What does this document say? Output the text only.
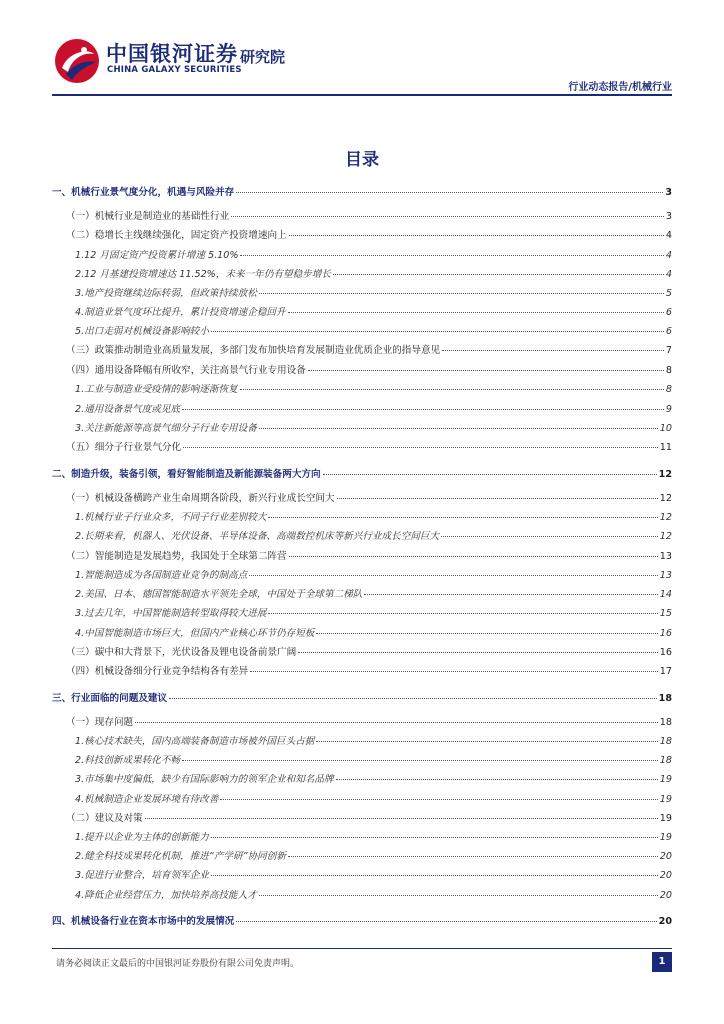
中国银河证券
CHINA GALAXY SECURITIES
研究院
行业动态报告/机械行业
目录
一、机械行业景气度分化，机遇与风险并存	3
（一）机械行业是制造业的基础性行业	3
（二）稳增长主线继续强化，固定资产投资增速向上	4
1.12 月固定资产投资累计增速 5.10%	4
2.12 月基建投资增速达 11.52%，未来一年仍有望稳步增长	4
3.地产投资继续边际转弱，但政策持续放松	5
4.制造业景气度环比提升，累计投资增速企稳回升	6
5.出口走弱对机械设备影响较小	6
（三）政策推动制造业高质量发展，多部门发布加快培育发展制造业优质企业的指导意见	7
（四）通用设备降幅有所收窄，关注高景气行业专用设备	8
1.工业与制造业受疫情的影响逐渐恢复	8
2.通用设备景气度或见底	9
3.关注新能源等高景气细分子行业专用设备	10
（五）细分子行业景气分化	11
二、制造升级，装备引领，看好智能制造及新能源装备两大方向	12
（一）机械设备横跨产业生命周期各阶段，新兴行业成长空间大	12
1.机械行业子行业众多，不同子行业差别较大	12
2.长期来看，机器人、光伏设备、半导体设备、高端数控机床等新兴行业成长空间巨大	12
（二）智能制造是发展趋势，我国处于全球第二阵营	13
1.智能制造成为各国制造业竞争的制高点	13
2.美国、日本、德国智能制造水平领先全球，中国处于全球第二梯队	14
3.过去几年，中国智能制造转型取得较大进展	15
4.中国智能制造市场巨大，但国内产业核心环节仍存短板	16
（三）碳中和大背景下，光伏设备及锂电设备前景广阔	16
（四）机械设备细分行业竞争结构各有差异	17
三、行业面临的问题及建议	18
（一）现存问题	18
1.核心技术缺失，国内高端装备制造市场被外国巨头占据	18
2.科技创新成果转化不畅	18
3.市场集中度偏低，缺少有国际影响力的领军企业和知名品牌	19
4.机械制造企业发展环境有待改善	19
（二）建议及对策	19
1.提升以企业为主体的创新能力	19
2.健全科技成果转化机制，推进“产学研”协同创新	20
3.促进行业整合，培育领军企业	20
4.降低企业经营压力，加快培养高技能人才	20
四、机械设备行业在资本市场中的发展情况	20
请务必阅读正文最后的中国银河证券股份有限公司免责声明。	1
